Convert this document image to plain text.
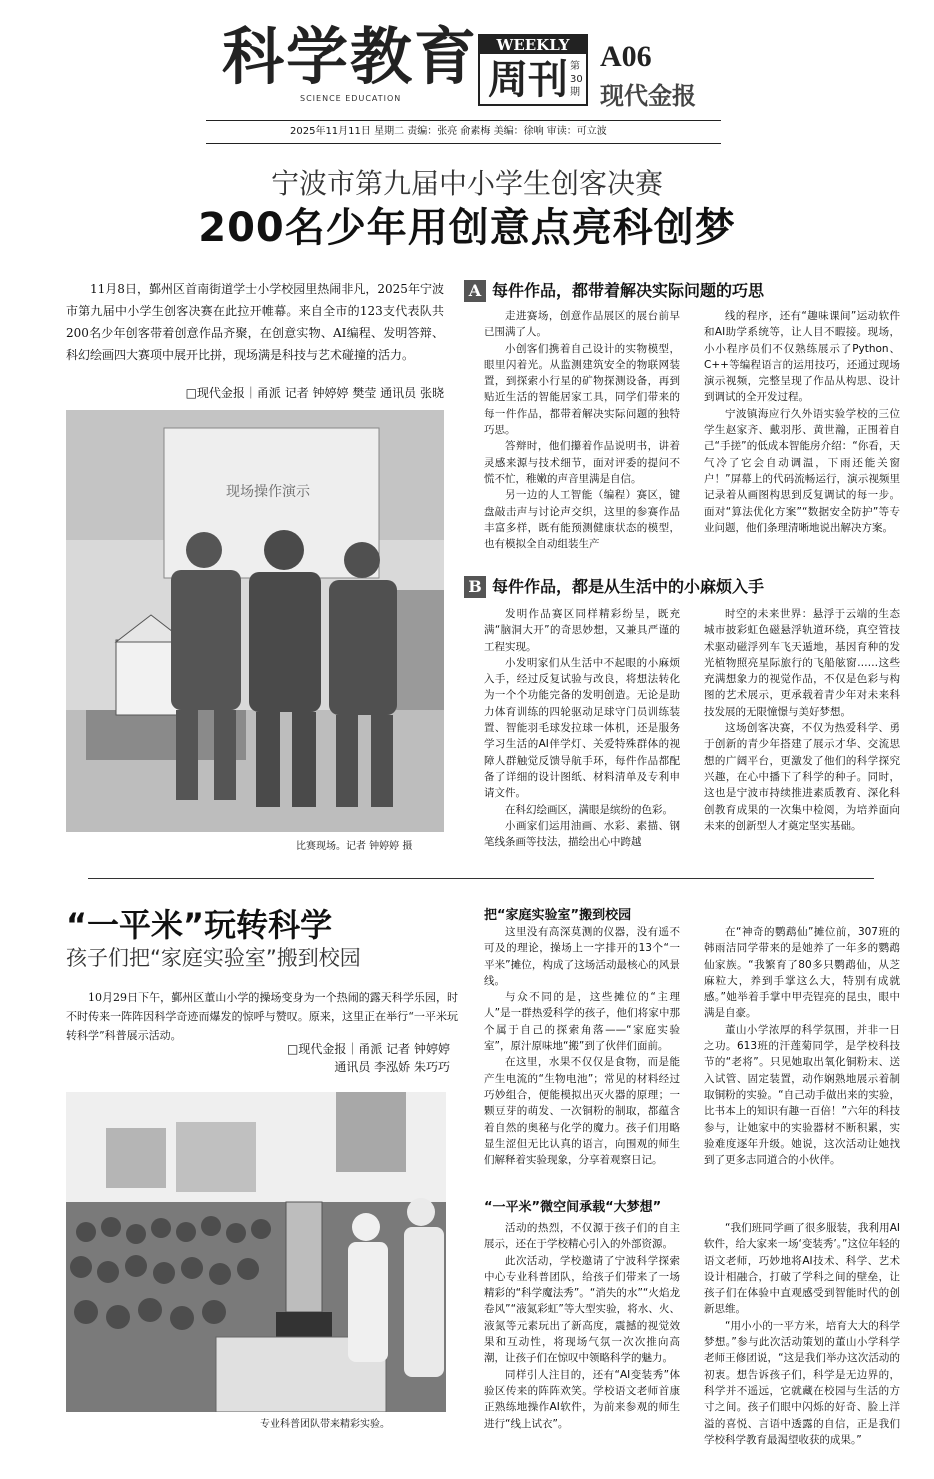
科学教育
SCIENCE EDUCATION
WEEKLY
周刊 第30期
A06
现代金报
2025年11月11日 星期二 责编：张亮 俞素梅 美编：徐响 审读：可立波
宁波市第九届中小学生创客决赛
200名少年用创意点亮科创梦
11月8日，鄞州区首南街道学士小学校园里热闹非凡，2025年宁波市第九届中小学生创客决赛在此拉开帷幕。来自全市的123支代表队共200名少年创客带着创意作品齐聚，在创意实物、AI编程、发明答辩、科幻绘画四大赛项中展开比拼，现场满是科技与艺术碰撞的活力。
□现代金报｜甬派 记者 钟婷婷 樊莹 通讯员 张晓
现场操作演示
比赛现场。记者 钟婷婷 摄
A 每件作品，都带着解决实际问题的巧思

走进赛场，创意作品展区的展台前早已围满了人。

小创客们携着自己设计的实物模型，眼里闪着光。从监测建筑安全的物联网装置，到探索小行星的矿物探测设备，再到贴近生活的智能居家工具，同学们带来的每一件作品，都带着解决实际问题的独特巧思。

答辩时，他们攥着作品说明书，讲着灵感来源与技术细节，面对评委的提问不慌不忙，稚嫩的声音里满是自信。

另一边的人工智能（编程）赛区，键盘敲击声与讨论声交织，这里的参赛作品丰富多样，既有能预测健康状态的模型，也有模拟全自动组装生产

线的程序，还有“趣味课间”运动软件和AI助学系统等，让人目不暇接。现场，小小程序员们不仅熟练展示了Python、C++等编程语言的运用技巧，还通过现场演示视频，完整呈现了作品从构思、设计到调试的全开发过程。

宁波镇海应行久外语实验学校的三位学生赵家齐、戴羽彤、黄世瀚，正围着自己“手搓”的低成本智能房介绍：“你看，天气冷了它会自动调温，下雨还能关窗户！”屏幕上的代码流畅运行，演示视频里记录着从画图构思到反复调试的每一步。面对“算法优化方案”“数据安全防护”等专业问题，他们条理清晰地说出解决方案。

B 每件作品，都是从生活中的小麻烦入手

发明作品赛区同样精彩纷呈，既充满“脑洞大开”的奇思妙想，又兼具严谨的工程实现。

小发明家们从生活中不起眼的小麻烦入手，经过反复试验与改良，将想法转化为一个个功能完备的发明创造。无论是助力体育训练的四轮驱动足球守门员训练装置、智能羽毛球发拉球一体机，还是服务学习生活的AI伴学灯、关爱特殊群体的视障人群触觉反馈导航手环，每件作品都配备了详细的设计图纸、材料清单及专利申请文件。

在科幻绘画区，满眼是缤纷的色彩。

小画家们运用油画、水彩、素描、钢笔线条画等技法，描绘出心中跨越

时空的未来世界：悬浮于云端的生态城市披彩虹色磁悬浮轨道环绕，真空管技术驱动磁浮列车飞天遁地，基因育种的发光植物照亮星际旅行的飞船舷窗……这些充满想象力的视觉作品，不仅是色彩与构图的艺术展示，更承载着青少年对未来科技发展的无限憧憬与美好梦想。

这场创客决赛，不仅为热爱科学、勇于创新的青少年搭建了展示才华、交流思想的广阔平台，更激发了他们的科学探究兴趣，在心中播下了科学的种子。同时，这也是宁波市持续推进素质教育、深化科创教育成果的一次集中检阅，为培养面向未来的创新型人才奠定坚实基础。

“一平米”玩转科学
孩子们把“家庭实验室”搬到校园
10月29日下午，鄞州区董山小学的操场变身为一个热闹的露天科学乐园，时不时传来一阵阵因科学奇迹而爆发的惊呼与赞叹。原来，这里正在举行“一平米玩转科学”科普展示活动。
□现代金报｜甬派 记者 钟婷婷
通讯员 李泓娇 朱巧巧
专业科普团队带来精彩实验。
把“家庭实验室”搬到校园

这里没有高深莫测的仪器，没有遥不可及的理论，操场上一字排开的13个“一平米”摊位，构成了这场活动最核心的风景线。

与众不同的是，这些摊位的“主理人”是一群热爱科学的孩子，他们将家中那个属于自己的探索角落——“家庭实验室”，原汁原味地“搬”到了伙伴们面前。

在这里，水果不仅仅是食物，而是能产生电流的“生物电池”；常见的材料经过巧妙组合，便能模拟出灭火器的原理；一颗豆芽的萌发、一次铜粉的制取，都蕴含着自然的奥秘与化学的魔力。孩子们用略显生涩但无比认真的语言，向围观的师生们解释着实验现象，分享着观察日记。

在“神奇的鹦鹉仙”摊位前，307班的韩雨洁同学带来的是她养了一年多的鹦鹉仙家族。“我繁育了80多只鹦鹉仙，从芝麻粒大，养到手掌这么大，特别有成就感。”她举着手掌中甲壳锃亮的昆虫，眼中满是自豪。

董山小学浓厚的科学氛围，并非一日之功。613班的汗莲菊同学，是学校科技节的“老将”。只见她取出氧化铜粉末、送入试管、固定装置，动作娴熟地展示着制取铜粉的实验。“自己动手做出来的实验，比书本上的知识有趣一百倍！”六年的科技参与，让她家中的实验器材不断积累，实验难度逐年升级。她说，这次活动让她找到了更多志同道合的小伙伴。

“一平米”微空间承载“大梦想”

活动的热烈，不仅源于孩子们的自主展示，还在于学校精心引入的外部资源。

此次活动，学校邀请了宁波科学探索中心专业科普团队，给孩子们带来了一场精彩的“科学魔法秀”。“消失的水”“火焰龙卷风”“液氮彩虹”等大型实验，将水、火、液氮等元素玩出了新高度，震撼的视觉效果和互动性，将现场气氛一次次推向高潮，让孩子们在惊叹中领略科学的魅力。

同样引人注目的，还有“AI变装秀”体验区传来的阵阵欢笑。学校语文老师首康正熟练地操作AI软件，为前来参观的师生进行“线上试衣”。

“我们班同学画了很多服装，我利用AI软件，给大家来一场‘变装秀’。”这位年轻的语文老师，巧妙地将AI技术、科学、艺术设计相融合，打破了学科之间的壁垒，让孩子们在体验中直观感受到智能时代的创新思维。

“用小小的一平方米，培育大大的科学梦想。”参与此次活动策划的董山小学科学老师王修团说，“这是我们举办这次活动的初衷。想告诉孩子们，科学是无边界的，科学并不遥远，它就藏在校园与生活的方寸之间。孩子们眼中闪烁的好奇、脸上洋溢的喜悦、言语中透露的自信，正是我们学校科学教育最渴望收获的成果。”
